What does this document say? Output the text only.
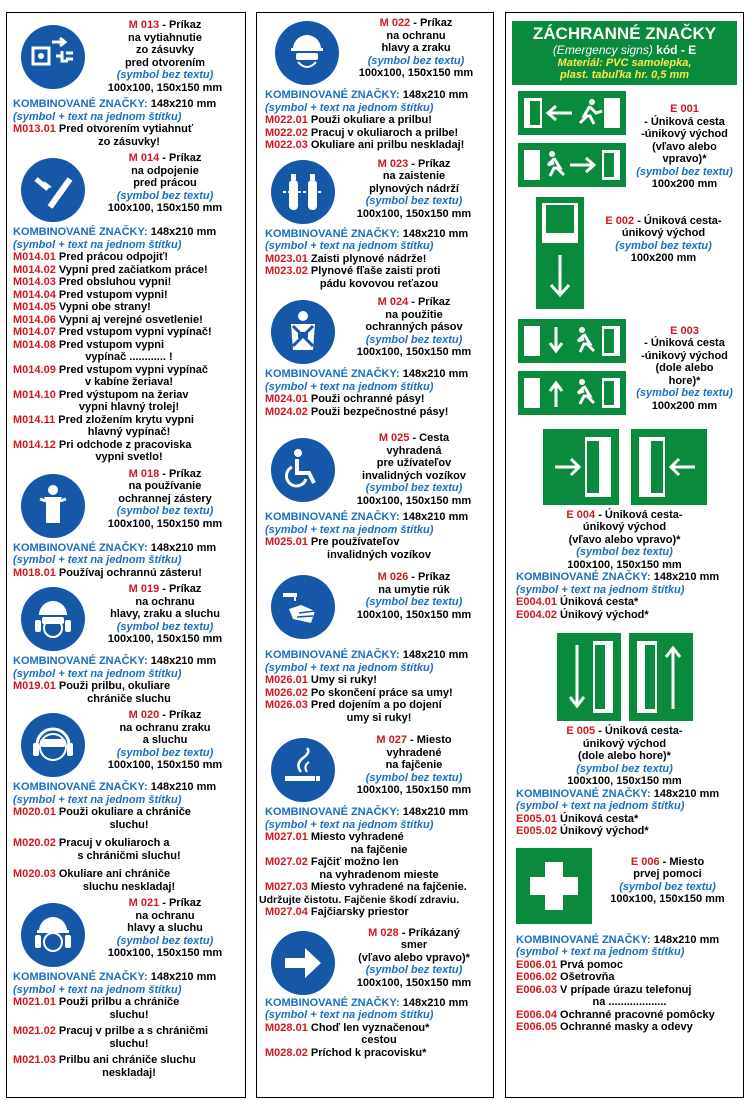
M 013 - Príkaz
na vytiahnutie
zo zásuvky
pred otvorením
(symbol bez textu)
100x100, 150x150 mm
KOMBINOVANÉ ZNAČKY: 148x210 mm
(symbol + text na jednom štítku)
M013.01 Pred otvorením vytiahnuť
zo zásuvky!
M 014 - Príkaz
na odpojenie
pred prácou
(symbol bez textu)
100x100, 150x150 mm
KOMBINOVANÉ ZNAČKY: 148x210 mm
(symbol + text na jednom štítku)
M014.01 Pred prácou odpojiť!
M014.02 Vypni pred začiatkom práce!
M014.03 Pred obsluhou vypni!
M014.04 Pred vstupom vypni!
M014.05 Vypni obe strany!
M014.06 Vypni aj verejné osvetlenie!
M014.07 Pred vstupom vypni vypínač!
M014.08 Pred vstupom vypni
vypínač ............ !
M014.09 Pred vstupom vypni vypínač
v kabíne žeriava!
M014.10 Pred výstupom na žeriav
vypni hlavný trolej!
M014.11 Pred zložením krytu vypni
hlavný vypínač!
M014.12 Pri odchode z pracoviska
vypni svetlo!
M 018 - Príkaz
na používanie
ochrannej zástery
(symbol bez textu)
100x100, 150x150 mm
KOMBINOVANÉ ZNAČKY: 148x210 mm
(symbol + text na jednom štítku)
M018.01 Používaj ochrannú zásteru!
M 019 - Príkaz
na ochranu
hlavy, zraku a sluchu
(symbol bez textu)
100x100, 150x150 mm
KOMBINOVANÉ ZNAČKY: 148x210 mm
(symbol + text na jednom štítku)
M019.01 Použi prilbu, okuliare
chrániče sluchu
M 020 - Príkaz
na ochranu zraku
a sluchu
(symbol bez textu)
100x100, 150x150 mm
KOMBINOVANÉ ZNAČKY: 148x210 mm
(symbol + text na jednom štítku)
M020.01 Použi okuliare a chrániče
sluchu!
M020.02 Pracuj v okuliaroch a
s chráničmi sluchu!
M020.03 Okuliare ani chrániče
sluchu neskladaj!
M 021 - Príkaz
na ochranu
hlavy a sluchu
(symbol bez textu)
100x100, 150x150 mm
KOMBINOVANÉ ZNAČKY: 148x210 mm
(symbol + text na jednom štítku)
M021.01 Použi prilbu a chrániče
sluchu!
M021.02 Pracuj v prilbe a s chráničmi
sluchu!
M021.03 Prilbu ani chrániče sluchu
neskladaj!
M 022 - Príkaz
na ochranu
hlavy a zraku
(symbol bez textu)
100x100, 150x150 mm
KOMBINOVANÉ ZNAČKY: 148x210 mm
(symbol + text na jednom štítku)
M022.01 Použi okuliare a prilbu!
M022.02 Pracuj v okuliaroch a prilbe!
M022.03 Okuliare ani prilbu neskladaj!
M 023 - Príkaz
na zaistenie
plynových nádrží
(symbol bez textu)
100x100, 150x150 mm
KOMBINOVANÉ ZNAČKY: 148x210 mm
(symbol + text na jednom štítku)
M023.01 Zaisti plynové nádrže!
M023.02 Plynové fľaše zaisti proti
pádu kovovou reťazou
M 024 - Príkaz
na použitie
ochranných pásov
(symbol bez textu)
100x100, 150x150 mm
KOMBINOVANÉ ZNAČKY: 148x210 mm
(symbol + text na jednom štítku)
M024.01 Použi ochranné pásy!
M024.02 Použi bezpečnostné pásy!
M 025 - Cesta
vyhradená
pre užívateľov
invalidných vozíkov
(symbol bez textu)
100x100, 150x150 mm
KOMBINOVANÉ ZNAČKY: 148x210 mm
(symbol + text na jednom štítku)
M025.01 Pre používateľov
invalidných vozíkov
M 026 - Príkaz
na umytie rúk
(symbol bez textu)
100x100, 150x150 mm
KOMBINOVANÉ ZNAČKY: 148x210 mm
(symbol + text na jednom štítku)
M026.01 Umy si ruky!
M026.02 Po skončení práce sa umy!
M026.03 Pred dojením a po dojení
umy si ruky!
M 027 - Miesto
vyhradené
na fajčenie
(symbol bez textu)
100x100, 150x150 mm
KOMBINOVANÉ ZNAČKY: 148x210 mm
(symbol + text na jednom štítku)
M027.01 Miesto vyhradené
na fajčenie
M027.02 Fajčiť možno len
na vyhradenom mieste
M027.03 Miesto vyhradené na fajčenie.
Udržujte čistotu. Fajčenie škodí zdraviu.
M027.04 Fajčiarsky priestor
M 028 - Príkázaný
smer
(vľavo alebo vpravo)*
(symbol bez textu)
100x100, 150x150 mm
KOMBINOVANÉ ZNAČKY: 148x210 mm
(symbol + text na jednom štítku)
M028.01 Choď len vyznačenou*
cestou
M028.02 Príchod k pracovisku*
ZÁCHRANNÉ ZNAČKY
(Emergency signs) kód - E
Materiál: PVC samolepka,
plast. tabuľka hr. 0,5 mm
E 001
- Úniková cesta
-únikový východ
(vľavo alebo
vpravo)*
(symbol bez textu)
100x200 mm
E 002 - Úniková cesta-
únikový východ
(symbol bez textu)
100x200 mm
E 003
- Úniková cesta
-únikový východ
(dole alebo
hore)*
(symbol bez textu)
100x200 mm
E 004 - Úniková cesta-
únikový východ
(vľavo alebo vpravo)*
(symbol bez textu)
100x100, 150x150 mm
KOMBINOVANÉ ZNAČKY: 148x210 mm
(symbol + text na jednom štítku)
E004.01 Úniková cesta*
E004.02 Únikový východ*
E 005 - Úniková cesta-
únikový východ
(dole alebo hore)*
(symbol bez textu)
100x100, 150x150 mm
KOMBINOVANÉ ZNAČKY: 148x210 mm
(symbol + text na jednom štítku)
E005.01 Úniková cesta*
E005.02 Únikový východ*
E 006 - Miesto
prvej pomoci
(symbol bez textu)
100x100, 150x150 mm
KOMBINOVANÉ ZNAČKY: 148x210 mm
(symbol + text na jednom štítku)
E006.01 Prvá pomoc
E006.02 Ošetrovňa
E006.03 V prípade úrazu telefonuj
na ...................
E006.04 Ochranné pracovné pomôcky
E006.05 Ochranné masky a odevy
